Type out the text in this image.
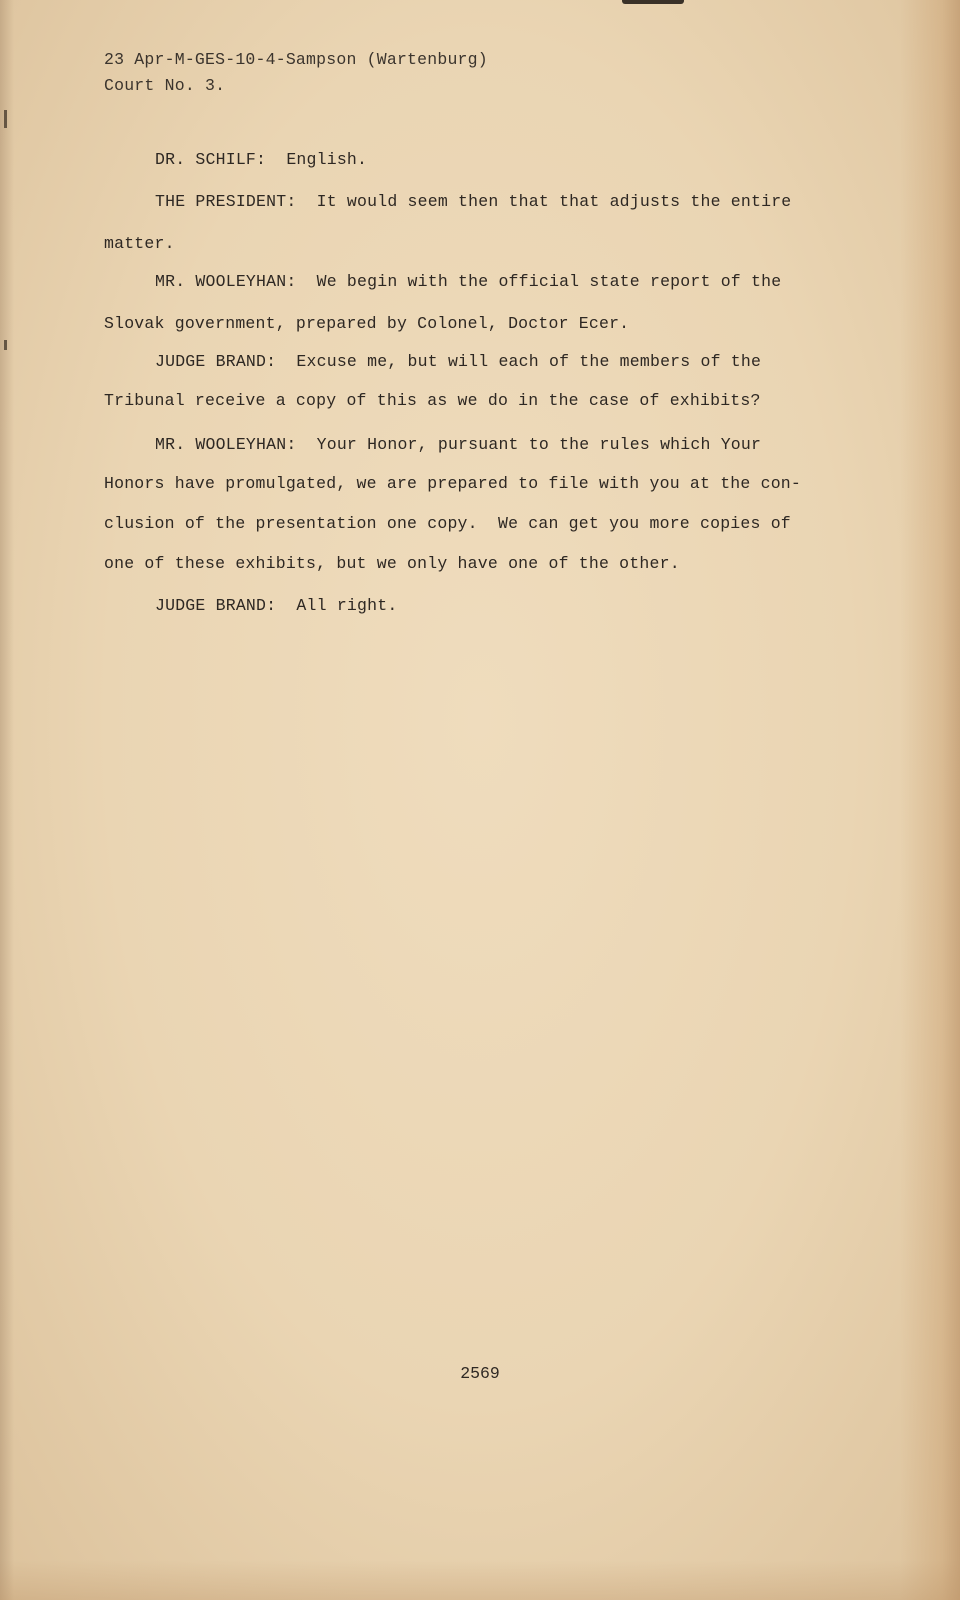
23 Apr-M-GES-10-4-Sampson (Wartenburg)
Court No. 3.
DR. SCHILF:  English.
THE PRESIDENT:  It would seem then that that adjusts the entire
matter.
MR. WOOLEYHAN:  We begin with the official state report of the
Slovak government, prepared by Colonel, Doctor Ecer.
JUDGE BRAND:  Excuse me, but will each of the members of the
Tribunal receive a copy of this as we do in the case of exhibits?
MR. WOOLEYHAN:  Your Honor, pursuant to the rules which Your
Honors have promulgated, we are prepared to file with you at the con-
clusion of the presentation one copy.  We can get you more copies of
one of these exhibits, but we only have one of the other.
JUDGE BRAND:  All right.
2569
